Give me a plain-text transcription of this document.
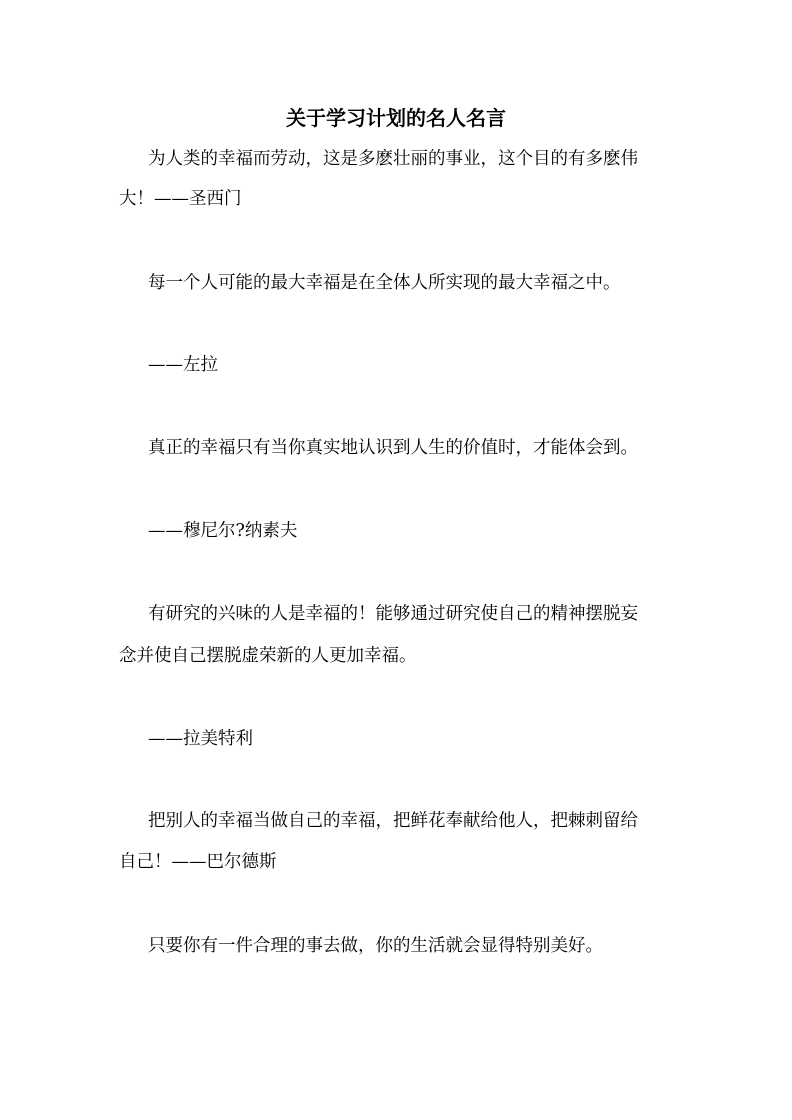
关于学习计划的名人名言
为人类的幸福而劳动，这是多麽壮丽的事业，这个目的有多麽伟
大！——圣西门
每一个人可能的最大幸福是在全体人所实现的最大幸福之中。
——左拉
真正的幸福只有当你真实地认识到人生的价值时，才能体会到。
——穆尼尔?纳素夫
有研究的兴味的人是幸福的！能够通过研究使自己的精神摆脱妄
念并使自己摆脱虚荣新的人更加幸福。
——拉美特利
把别人的幸福当做自己的幸福，把鲜花奉献给他人，把棘刺留给
自己！——巴尔德斯
只要你有一件合理的事去做，你的生活就会显得特别美好。
